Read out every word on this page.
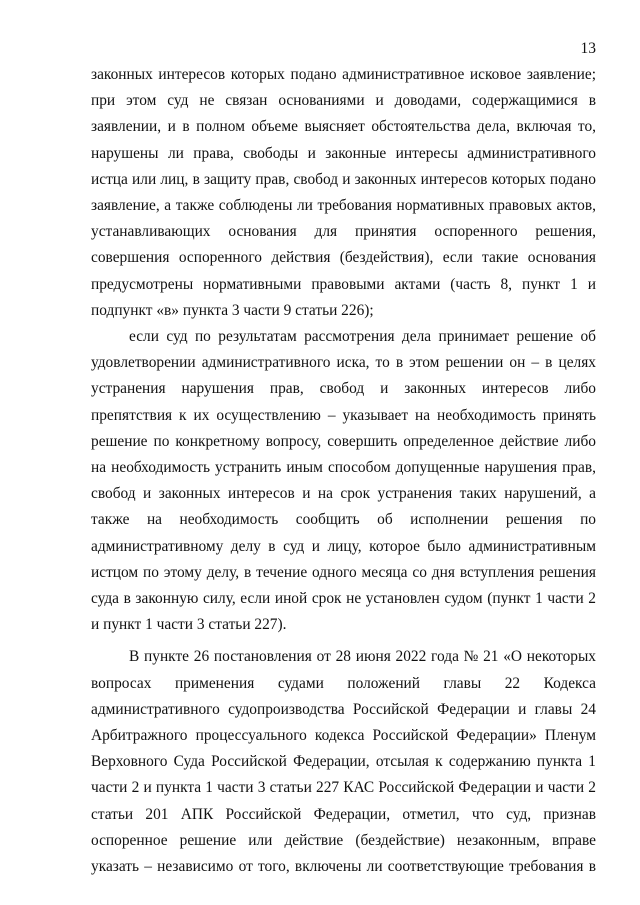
13
законных интересов которых подано административное исковое заявление;
при этом суд не связан основаниями и доводами, содержащимися в
заявлении, и в полном объеме выясняет обстоятельства дела, включая то,
нарушены ли права, свободы и законные интересы административного
истца или лиц, в защиту прав, свобод и законных интересов которых подано
заявление, а также соблюдены ли требования нормативных правовых актов,
устанавливающих основания для принятия оспоренного решения,
совершения оспоренного действия (бездействия), если такие основания
предусмотрены нормативными правовыми актами (часть 8, пункт 1 и
подпункт «в» пункта 3 части 9 статьи 226);
если суд по результатам рассмотрения дела принимает решение об
удовлетворении административного иска, то в этом решении он – в целях
устранения нарушения прав, свобод и законных интересов либо
препятствия к их осуществлению – указывает на необходимость принять
решение по конкретному вопросу, совершить определенное действие либо
на необходимость устранить иным способом допущенные нарушения прав,
свобод и законных интересов и на срок устранения таких нарушений, а
также на необходимость сообщить об исполнении решения по
административному делу в суд и лицу, которое было административным
истцом по этому делу, в течение одного месяца со дня вступления решения
суда в законную силу, если иной срок не установлен судом (пункт 1 части 2
и пункт 1 части 3 статьи 227).
В пункте 26 постановления от 28 июня 2022 года № 21 «О некоторых
вопросах применения судами положений главы 22 Кодекса
административного судопроизводства Российской Федерации и главы 24
Арбитражного процессуального кодекса Российской Федерации» Пленум
Верховного Суда Российской Федерации, отсылая к содержанию пункта 1
части 2 и пункта 1 части 3 статьи 227 КАС Российской Федерации и части 2
статьи 201 АПК Российской Федерации, отметил, что суд, признав
оспоренное решение или действие (бездействие) незаконным, вправе
указать – независимо от того, включены ли соответствующие требования в
